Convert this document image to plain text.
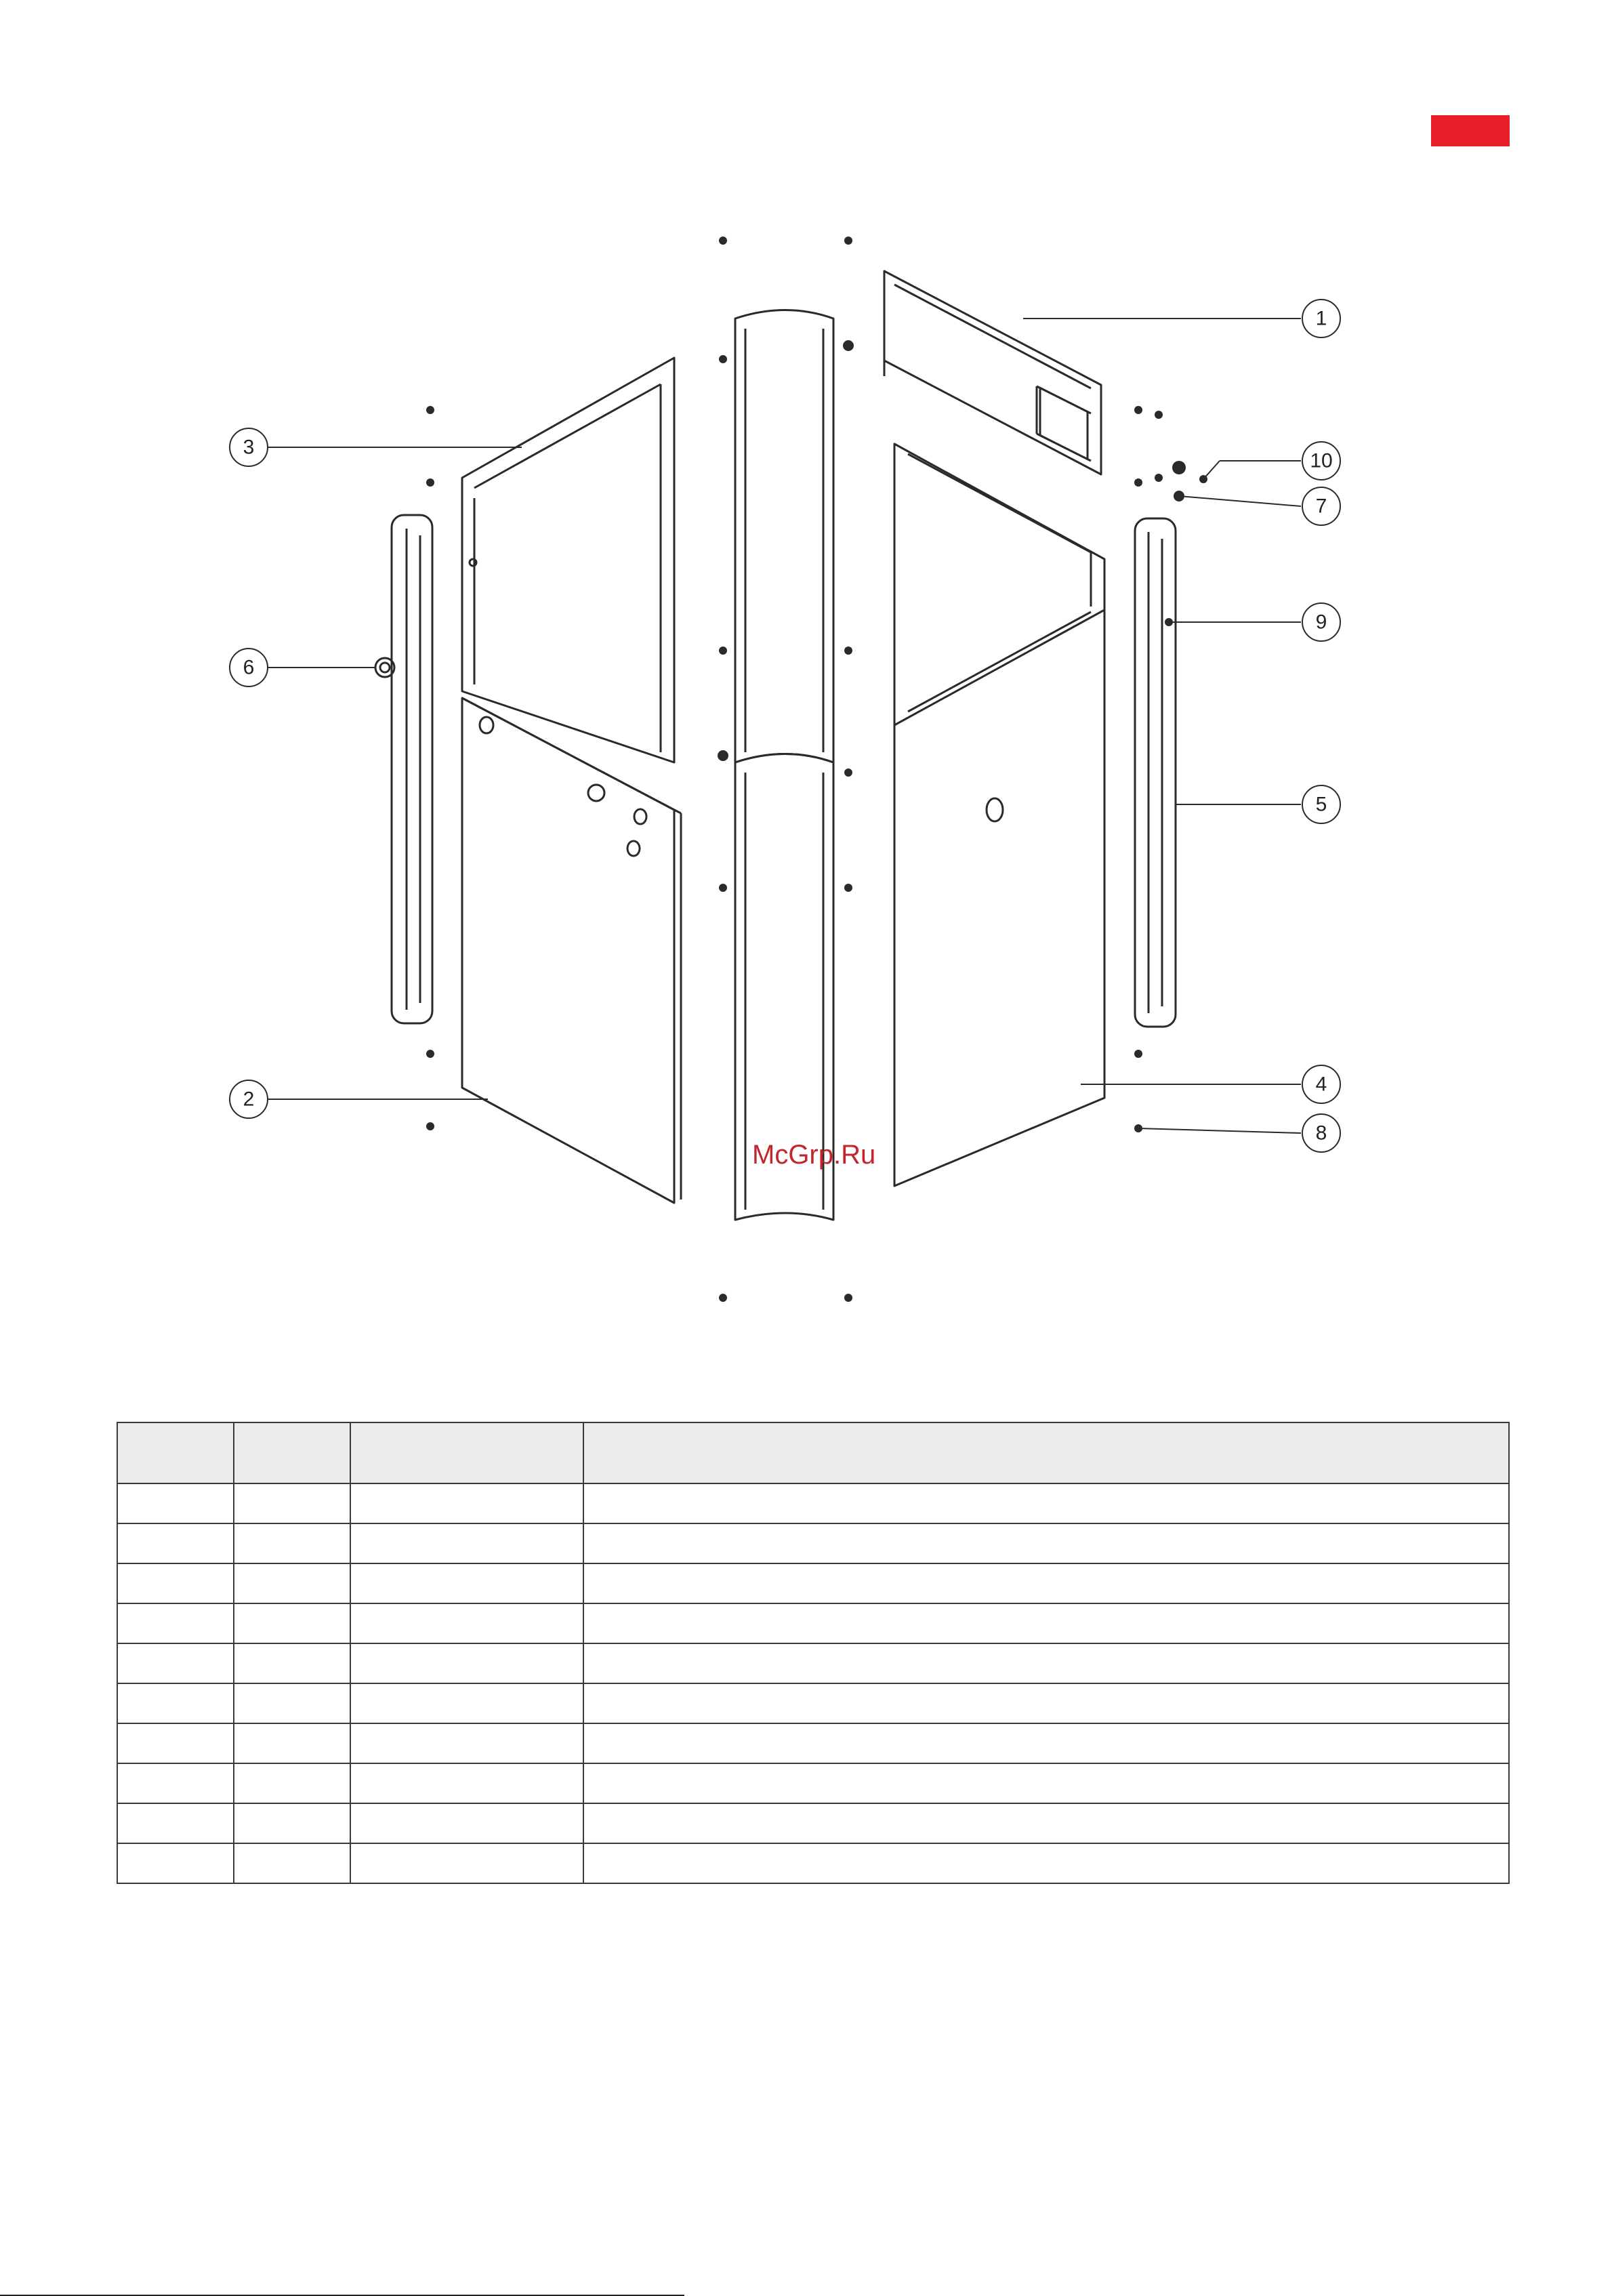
1
2
3
4
5
6
7
8
9
10
McGrp.Ru
